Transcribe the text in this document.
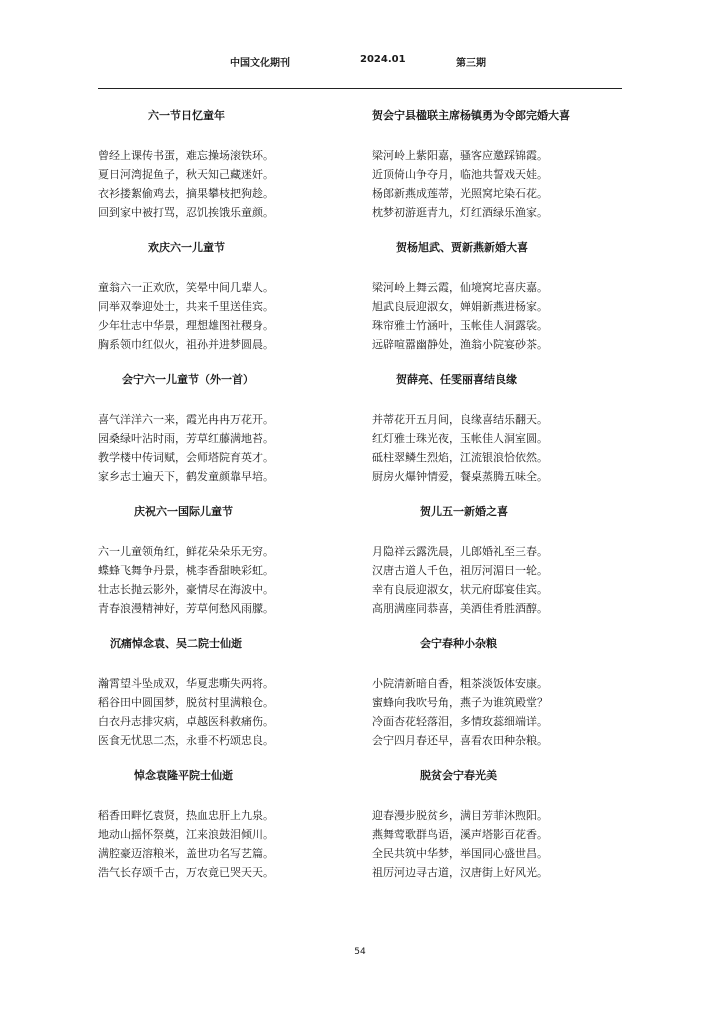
中国文化期刊	2024.01	第三期
六一节日忆童年
曾经上课传书蛋，难忘操场滚铁环。
夏日河湾捉鱼子，秋天知己藏迷奸。
衣衫搂絮偷鸡去，摘果攀枝把狗趁。
回到家中被打骂，忍饥挨饿乐童颜。
欢庆六一儿童节
童翁六一正欢欣，笑晕中间几辈人。
同举双拳迎处士，共来千里送佳宾。
少年壮志中华景，理想雄图社稷身。
胸系领巾红似火，祖孙并进梦圆晨。
会宁六一儿童节（外一首）
喜气洋洋六一来，霞光冉冉万花开。
园桑绿叶沾时雨，芳草红藤满地苔。
教学楼中传词赋，会师塔院育英才。
家乡志士遍天下，鹤发童颜靠早培。
庆祝六一国际儿童节
六一儿童领角红，鲜花朵朵乐无穷。
蝶蜂飞舞争丹景，桃李香甜映彩虹。
壮志长抛云影外，豪情尽在海波中。
青春浪漫精神好，芳草何愁风雨朦。
沉痛悼念袁、吴二院士仙逝
瀚霄望斗坠成双，华夏悲嘶失两将。
稻谷田中圆国梦，脱贫村里满粮仓。
白衣丹志排灾病，卓越医科救痛伤。
医食无忧思二杰，永垂不朽颂忠良。
悼念袁隆平院士仙逝
稻香田畔忆袁贤，热血忠肝上九泉。
地动山摇怀祭奠，江来浪鼓泪倾川。
满腔豪迈溶粮米，盖世功名写艺篇。
浩气长存颂千古，万农竟已哭天天。
贺会宁县楹联主席杨镇勇为令郎完婚大喜
梁河岭上紫阳嘉，骚客应邀踩锦霞。
近顶倚山争夺月，临池共誓戏天娃。
杨郎新燕成莲蒂，光照窝坨染石花。
枕梦初游逛青九，灯红酒绿乐渔家。
贺杨旭武、贾新燕新婚大喜
梁河岭上舞云霞，仙境窝坨喜庆嘉。
旭武良辰迎淑女，婵娟新燕进杨家。
珠帘雅士竹涵叶，玉帐佳人洞露裟。
远辟喧嚣幽静处，渔翁小院宴砂茶。
贺薛亮、任雯丽喜结良缘
并蒂花开五月间，良缘喜结乐翻天。
红灯雅士珠光夜，玉帐佳人洞室圆。
砥柱翠鳞生烈焰，江流银浪恰依然。
厨房火爆钟情爱，餐桌蒸腾五味全。
贺儿五一新婚之喜
月隐祥云露洗晨，儿郎婚礼至三春。
汉唐古道人千色，祖厉河湄日一轮。
幸有良辰迎淑女，状元府邸宴佳宾。
高朋满座同恭喜，美酒佳肴胜酒醇。
会宁春种小杂粮
小院清新暗自香，粗茶淡饭体安康。
蜜蜂向我吹号角，燕子为谁筑殿堂？
冷面杏花轻落泪，多情玫蕊细端详。
会宁四月春还早，喜看农田种杂粮。
脱贫会宁春光美
迎春漫步脱贫乡，满目芳菲沐煦阳。
燕舞莺歌群鸟语，溪声塔影百花香。
全民共筑中华梦，举国同心盛世昌。
祖厉河边寻古道，汉唐街上好风光。
54
